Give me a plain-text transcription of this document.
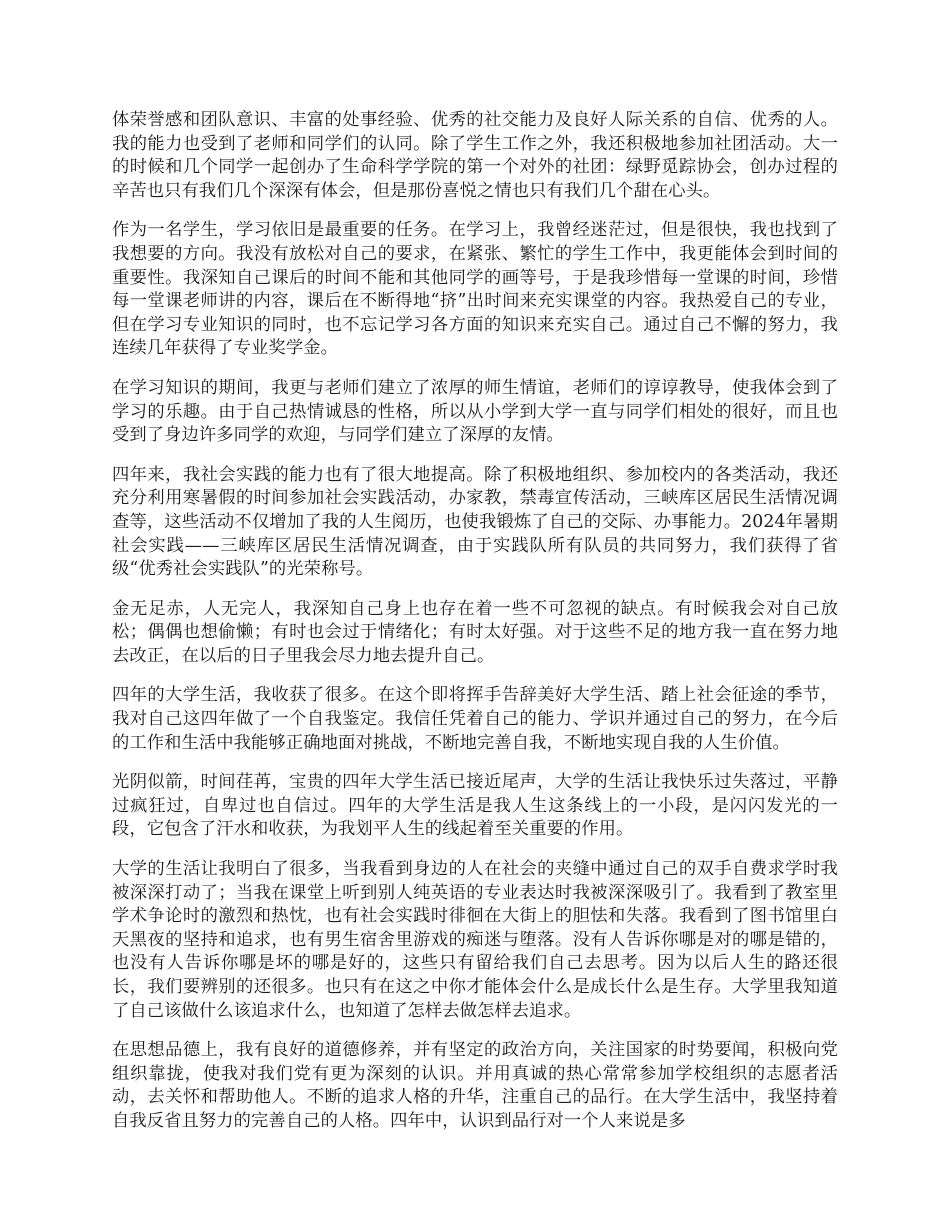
体荣誉感和团队意识、丰富的处事经验、优秀的社交能力及良好人际关系的自信、优秀的人。我的能力也受到了老师和同学们的认同。除了学生工作之外，我还积极地参加社团活动。大一的时候和几个同学一起创办了生命科学学院的第一个对外的社团：绿野觅踪协会，创办过程的辛苦也只有我们几个深深有体会，但是那份喜悦之情也只有我们几个甜在心头。

作为一名学生，学习依旧是最重要的任务。在学习上，我曾经迷茫过，但是很快，我也找到了我想要的方向。我没有放松对自己的要求，在紧张、繁忙的学生工作中，我更能体会到时间的重要性。我深知自己课后的时间不能和其他同学的画等号，于是我珍惜每一堂课的时间，珍惜每一堂课老师讲的内容，课后在不断得地“挤”出时间来充实课堂的内容。我热爱自己的专业，但在学习专业知识的同时，也不忘记学习各方面的知识来充实自己。通过自己不懈的努力，我连续几年获得了专业奖学金。

在学习知识的期间，我更与老师们建立了浓厚的师生情谊，老师们的谆谆教导，使我体会到了学习的乐趣。由于自己热情诚恳的性格，所以从小学到大学一直与同学们相处的很好，而且也受到了身边许多同学的欢迎，与同学们建立了深厚的友情。

四年来，我社会实践的能力也有了很大地提高。除了积极地组织、参加校内的各类活动，我还充分利用寒暑假的时间参加社会实践活动，办家教，禁毒宣传活动，三峡库区居民生活情况调查等，这些活动不仅增加了我的人生阅历，也使我锻炼了自己的交际、办事能力。2024年暑期社会实践——三峡库区居民生活情况调查，由于实践队所有队员的共同努力，我们获得了省级“优秀社会实践队”的光荣称号。

金无足赤，人无完人，我深知自己身上也存在着一些不可忽视的缺点。有时候我会对自己放松；偶偶也想偷懒；有时也会过于情绪化；有时太好强。对于这些不足的地方我一直在努力地去改正，在以后的日子里我会尽力地去提升自己。

四年的大学生活，我收获了很多。在这个即将挥手告辞美好大学生活、踏上社会征途的季节，我对自己这四年做了一个自我鉴定。我信任凭着自己的能力、学识并通过自己的努力，在今后的工作和生活中我能够正确地面对挑战，不断地完善自我，不断地实现自我的人生价值。

光阴似箭，时间荏苒，宝贵的四年大学生活已接近尾声，大学的生活让我快乐过失落过，平静过疯狂过，自卑过也自信过。四年的大学生活是我人生这条线上的一小段，是闪闪发光的一段，它包含了汗水和收获，为我划平人生的线起着至关重要的作用。

大学的生活让我明白了很多，当我看到身边的人在社会的夹缝中通过自己的双手自费求学时我被深深打动了；当我在课堂上听到别人纯英语的专业表达时我被深深吸引了。我看到了教室里学术争论时的激烈和热忱，也有社会实践时徘徊在大街上的胆怯和失落。我看到了图书馆里白天黑夜的坚持和追求，也有男生宿舍里游戏的痴迷与堕落。没有人告诉你哪是对的哪是错的，也没有人告诉你哪是坏的哪是好的，这些只有留给我们自己去思考。因为以后人生的路还很长，我们要辨别的还很多。也只有在这之中你才能体会什么是成长什么是生存。大学里我知道了自己该做什么该追求什么，也知道了怎样去做怎样去追求。

在思想品德上，我有良好的道德修养，并有坚定的政治方向，关注国家的时势要闻，积极向党组织靠拢，使我对我们党有更为深刻的认识。并用真诚的热心常常参加学校组织的志愿者活动，去关怀和帮助他人。不断的追求人格的升华，注重自己的品行。在大学生活中，我坚持着自我反省且努力的完善自己的人格。四年中，认识到品行对一个人来说是多
